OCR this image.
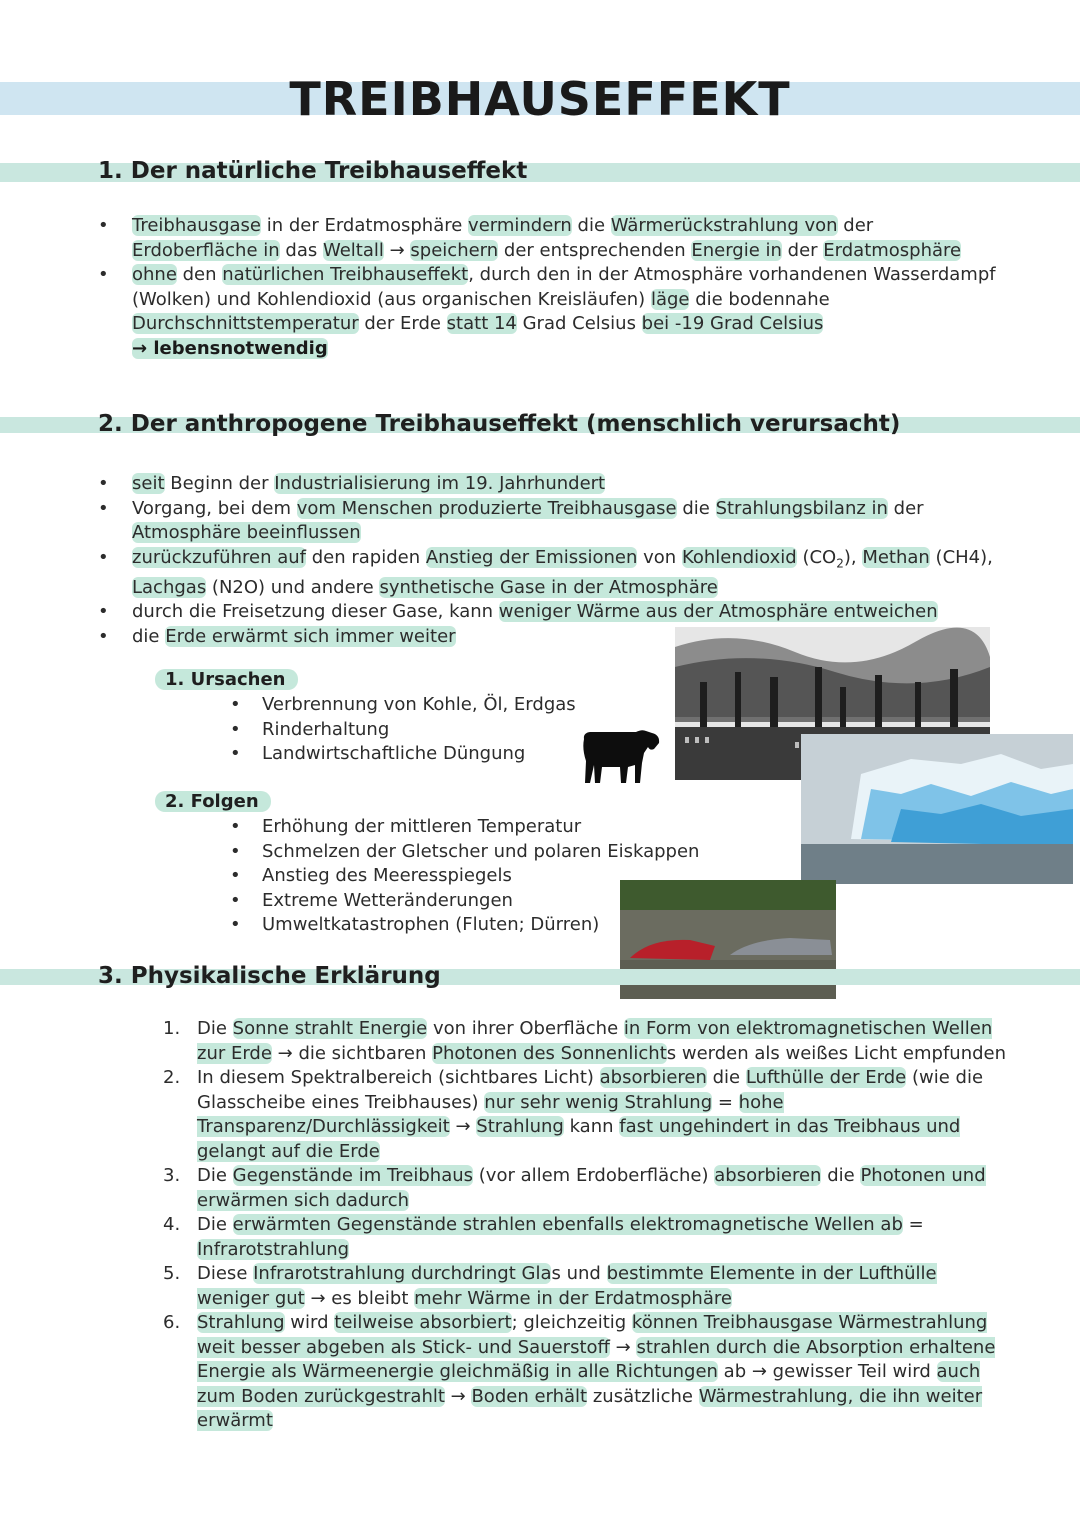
TREIBHAUSEFFEKT
1. Der natürliche Treibhauseffekt
• Treibhausgase in der Erdatmosphäre vermindern die Wärmerückstrahlung von der Erdoberfläche in das Weltall → speichern der entsprechenden Energie in der Erdatmosphäre
• ohne den natürlichen Treibhauseffekt, durch den in der Atmosphäre vorhandenen Wasserdampf (Wolken) und Kohlendioxid (aus organischen Kreisläufen) läge die bodennahe Durchschnittstemperatur der Erde statt 14 Grad Celsius bei -19 Grad Celsius
→ lebensnotwendig
2. Der anthropogene Treibhauseffekt (menschlich verursacht)
• seit Beginn der Industrialisierung im 19. Jahrhundert
• Vorgang, bei dem vom Menschen produzierte Treibhausgase die Strahlungsbilanz in der Atmosphäre beeinflussen
• zurückzuführen auf den rapiden Anstieg der Emissionen von Kohlendioxid $(CO_2)$, Methan (CH4), Lachgas (N2O) und andere synthetische Gase in der Atmosphäre
• durch die Freisetzung dieser Gase, kann weniger Wärme aus der Atmosphäre entweichen
• die Erde erwärmt sich immer weiter
1. Ursachen
• Verbrennung von Kohle, Öl, Erdgas
• Rinderhaltung
• Landwirtschaftliche Düngung
2. Folgen
• Erhöhung der mittleren Temperatur
• Schmelzen der Gletscher und polaren Eiskappen
• Anstieg des Meeresspiegels
• Extreme Wetteränderungen
• Umweltkatastrophen (Fluten; Dürren)
3. Physikalische Erklärung
1. Die Sonne strahlt Energie von ihrer Oberfläche in Form von elektromagnetischen Wellen zur Erde → die sichtbaren Photonen des Sonnenlichts werden als weißes Licht empfunden
2. In diesem Spektralbereich (sichtbares Licht) absorbieren die Lufthülle der Erde (wie die Glasscheibe eines Treibhauses) nur sehr wenig Strahlung = hohe Transparenz/Durchlässigkeit → Strahlung kann fast ungehindert in das Treibhaus und gelangt auf die Erde
3. Die Gegenstände im Treibhaus (vor allem Erdoberfläche) absorbieren die Photonen und erwärmen sich dadurch
4. Die erwärmten Gegenstände strahlen ebenfalls elektromagnetische Wellen ab = Infrarotstrahlung
5. Diese Infrarotstrahlung durchdringt Glas und bestimmte Elemente in der Lufthülle weniger gut → es bleibt mehr Wärme in der Erdatmosphäre
6. Strahlung wird teilweise absorbiert; gleichzeitig können Treibhausgase Wärmestrahlung weit besser abgeben als Stick- und Sauerstoff → strahlen durch die Absorption erhaltene Energie als Wärmeenergie gleichmäßig in alle Richtungen ab → gewisser Teil wird auch zum Boden zurückgestrahlt → Boden erhält zusätzliche Wärmestrahlung, die ihn weiter erwärmt
